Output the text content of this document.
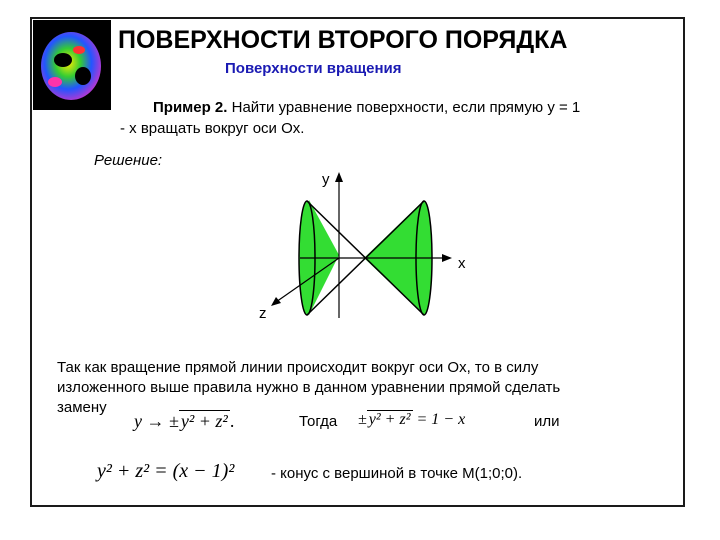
ПОВЕРХНОСТИ ВТОРОГО ПОРЯДКА
Поверхности вращения
Пример 2. Найти уравнение поверхности, если прямую y = 1
- x вращать вокруг оси Ox.
Решение:
y
x
z
Так как вращение прямой линии происходит вокруг оси Ox, то в силу
изложенного выше правила нужно в данном уравнении прямой сделать
замену
y → ± y² + z² .	Тогда ± y² + z² = 1 − x	или
y² + z² = (x − 1)² - конус с вершиной в точке M(1;0;0).
